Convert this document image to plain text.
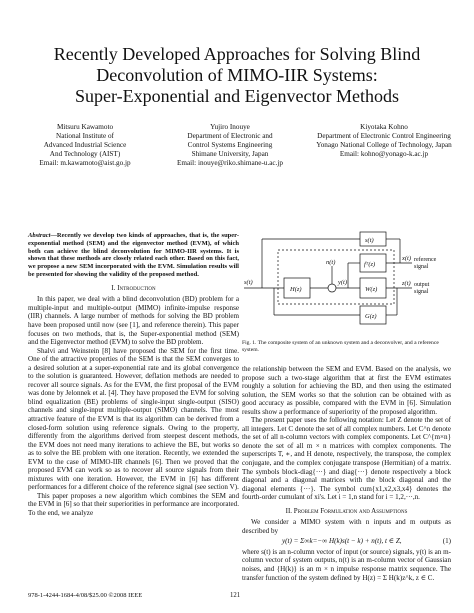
Recently Developed Approaches for Solving Blind
Deconvolution of MIMO-IIR Systems:
Super-Exponential and Eigenvector Methods
Mitsuru Kawamoto
National Institute of
Advanced Industrial Science
And Technology (AIST)
Email: m.kawamoto@aist.go.jp
Yujiro Inouye
Department of Electronic and
Control Systems Engineering
Shimane University, Japan
Email: inouye@riko.shimane-u.ac.jp
Kiyotaka Kohno
Department of Electronic Control Engineering
Yonago National College of Technology, Japan
Email: kohno@yonago-k.ac.jp
Abstract—Recently we develop two kinds of approaches, that is, the super-exponential method (SEM) and the eigenvector method (EVM), of which both can achieve the blind deconvolution for MIMO-IIR systems. It is shown that these methods are closely related each other. Based on this fact, we propose a new SEM incorporated with the EVM. Simulation results will be presented for showing the validity of the proposed method.
I. Introduction

In this paper, we deal with a blind deconvolution (BD) problem for a multiple-input and multiple-output (MIMO) infinite-impulse response (IIR) channels. A large number of methods for solving the BD problem have been proposed until now (see [1], and reference therein). This paper focuses on two methods, that is, the Super-exponential method (SEM) and the Eigenvector method (EVM) to solve the BD problem.

Shalvi and Weinstein [8] have proposed the SEM for the first time. One of the attractive properties of the SEM is that the SEM converges to a desired solution at a super-exponential rate and its global convergence to the solution is guaranteed. However, deflation methods are needed to recover all source signals. As for the EVM, the first proposal of the EVM was done by Jelonnek et al. [4]. They have proposed the EVM for solving blind equalization (BE) problems of single-input single-output (SISO) channels and single-input multiple-output (SIMO) channels. The most attractive feature of the EVM is that its algorithm can be derived from a closed-form solution using reference signals. Owing to the property, differently from the algorithms derived from steepest descent methods, the EVM does not need many iterations to achieve the BE, but works so as to solve the BE problem with one iteration. Recently, we extended the EVM to the case of MIMO-IIR channels [6]. Then we proved that the proposed EVM can work so as to recover all source signals from their mixtures with one iteration. However, the EVM in [6] has different performances for a different choice of the reference signal (see section V).

This paper proposes a new algorithm which combines the SEM and the EVM in [6] so that their superiorities in performance are incorporated. To the end, we analyze

s(t)
H(z)
n(t)
y(t)
W(z)
G(z)
fᵀ(z)
s(t)
x(t)
z(t)
reference
signal
output
signal
Fig. 1. The composite system of an unknown system and a deconvolver, and a reference system.

the relationship between the SEM and EVM. Based on the analysis, we propose such a two-stage algorithm that at first the EVM estimates roughly a solution for achieving the BD, and then using the estimated solution, the SEM works so that the solution can be obtained with as good accuracy as possible, compared with the EVM in [6]. Simulation results show a performance of superiority of the proposed algorithm.

The present paper uses the following notation: Let Z denote the set of all integers. Let C denote the set of all complex numbers. Let C^n denote the set of all n-column vectors with complex components. Let C^{m×n} denote the set of all m × n matrices with complex components. The superscripts T, ∗, and H denote, respectively, the transpose, the complex conjugate, and the complex conjugate transpose (Hermitian) of a matrix. The symbols block-diag{···} and diag{···} denote respectively a block diagonal and a diagonal matrices with the block diagonal and the diagonal elements {···}. The symbol cum{x1,x2,x3,x4} denotes the fourth-order cumulant of xi's. Let i = 1,n stand for i = 1,2,···,n.

II. Problem Formulation and Assumptions

We consider a MIMO system with n inputs and m outputs as described by

y(t) = Σ∞k=−∞ H(k)s(t − k) + n(t), t ∈ Z,	(1)

where s(t) is an n-column vector of input (or source) signals, y(t) is an m-column vector of system outputs, n(t) is an m-column vector of Gaussian noises, and {H(k)} is an m × n impulse response matrix sequence. The transfer function of the system defined by H(z) = Σ H(k)z^k, z ∈ C.

978-1-4244-1684-4/08/$25.00 ©2008 IEEE	121
